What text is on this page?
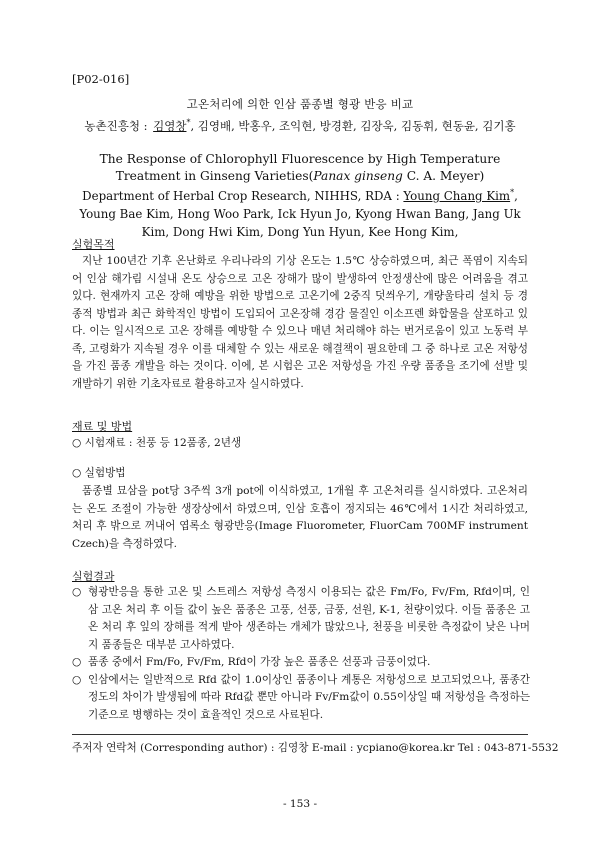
[P02-016]
고온처리에 의한 인삼 품종별 형광 반응 비교
농촌진흥청 : 김영창*, 김영배, 박홍우, 조익현, 방경환, 김장욱, 김동휘, 현동윤, 김기홍
The Response of Chlorophyll Fluorescence by High Temperature Treatment in Ginseng Varieties(Panax ginseng C. A. Meyer)
Department of Herbal Crop Research, NIHHS, RDA : Young Chang Kim*, Young Bae Kim, Hong Woo Park, Ick Hyun Jo, Kyong Hwan Bang, Jang Uk Kim, Dong Hwi Kim, Dong Yun Hyun, Kee Hong Kim,
실험목적
지난 100년간 기후 온난화로 우리나라의 기상 온도는 1.5℃ 상승하였으며, 최근 폭염이 지속되어 인삼 해가림 시설내 온도 상승으로 고온 장해가 많이 발생하여 안정생산에 많은 어려움을 겪고 있다. 현재까지 고온 장해 예방을 위한 방법으로 고온기에 2중직 덧씌우기, 개량울타리 설치 등 경종적 방법과 최근 화학적인 방법이 도입되어 고온장해 경감 물질인 이소프렌 화합물을 살포하고 있다. 이는 일시적으로 고온 장해를 예방할 수 있으나 매년 처리해야 하는 번거로움이 있고 노동력 부족, 고령화가 지속될 경우 이를 대체할 수 있는 새로운 해결책이 필요한데 그 중 하나로 고온 저항성을 가진 품종 개발을 하는 것이다. 이에, 본 시험은 고온 저항성을 가진 우량 품종을 조기에 선발 및 개발하기 위한 기초자료로 활용하고자 실시하였다.
재료 및 방법
○ 시험재료 : 천풍 등 12품종, 2년생
○ 실험방법
품종별 묘삼을 pot당 3주씩 3개 pot에 이식하였고, 1개월 후 고온처리를 실시하였다. 고온처리는 온도 조절이 가능한 생장상에서 하였으며, 인삼 호흡이 정지되는 46℃에서 1시간 처리하였고, 처리 후 밖으로 꺼내어 엽록소 형광반응(Image Fluorometer, FluorCam 700MF instrument Czech)을 측정하였다.
실험결과
○ 형광반응을 통한 고온 및 스트레스 저항성 측정시 이용되는 값은 Fm/Fo, Fv/Fm, Rfd이며, 인삼 고온 처리 후 이들 값이 높은 품종은 고풍, 선풍, 금풍, 선원, K-1, 천량이었다. 이들 품종은 고온 처리 후 잎의 장해를 적게 받아 생존하는 개체가 많았으나, 천풍을 비롯한 측정값이 낮은 나머지 품종들은 대부분 고사하였다.
○ 품종 중에서 Fm/Fo, Fv/Fm, Rfd이 가장 높은 품종은 선풍과 금풍이었다.
○ 인삼에서는 일반적으로 Rfd 값이 1.0이상인 품종이나 계통은 저항성으로 보고되었으나, 품종간 정도의 차이가 발생됨에 따라 Rfd값 뿐만 아니라 Fv/Fm값이 0.55이상일 때 저항성을 측정하는 기준으로 병행하는 것이 효율적인 것으로 사료된다.
주저자 연락처 (Corresponding author) : 김영창 E-mail : ycpiano@korea.kr Tel : 043-871-5532
- 153 -
